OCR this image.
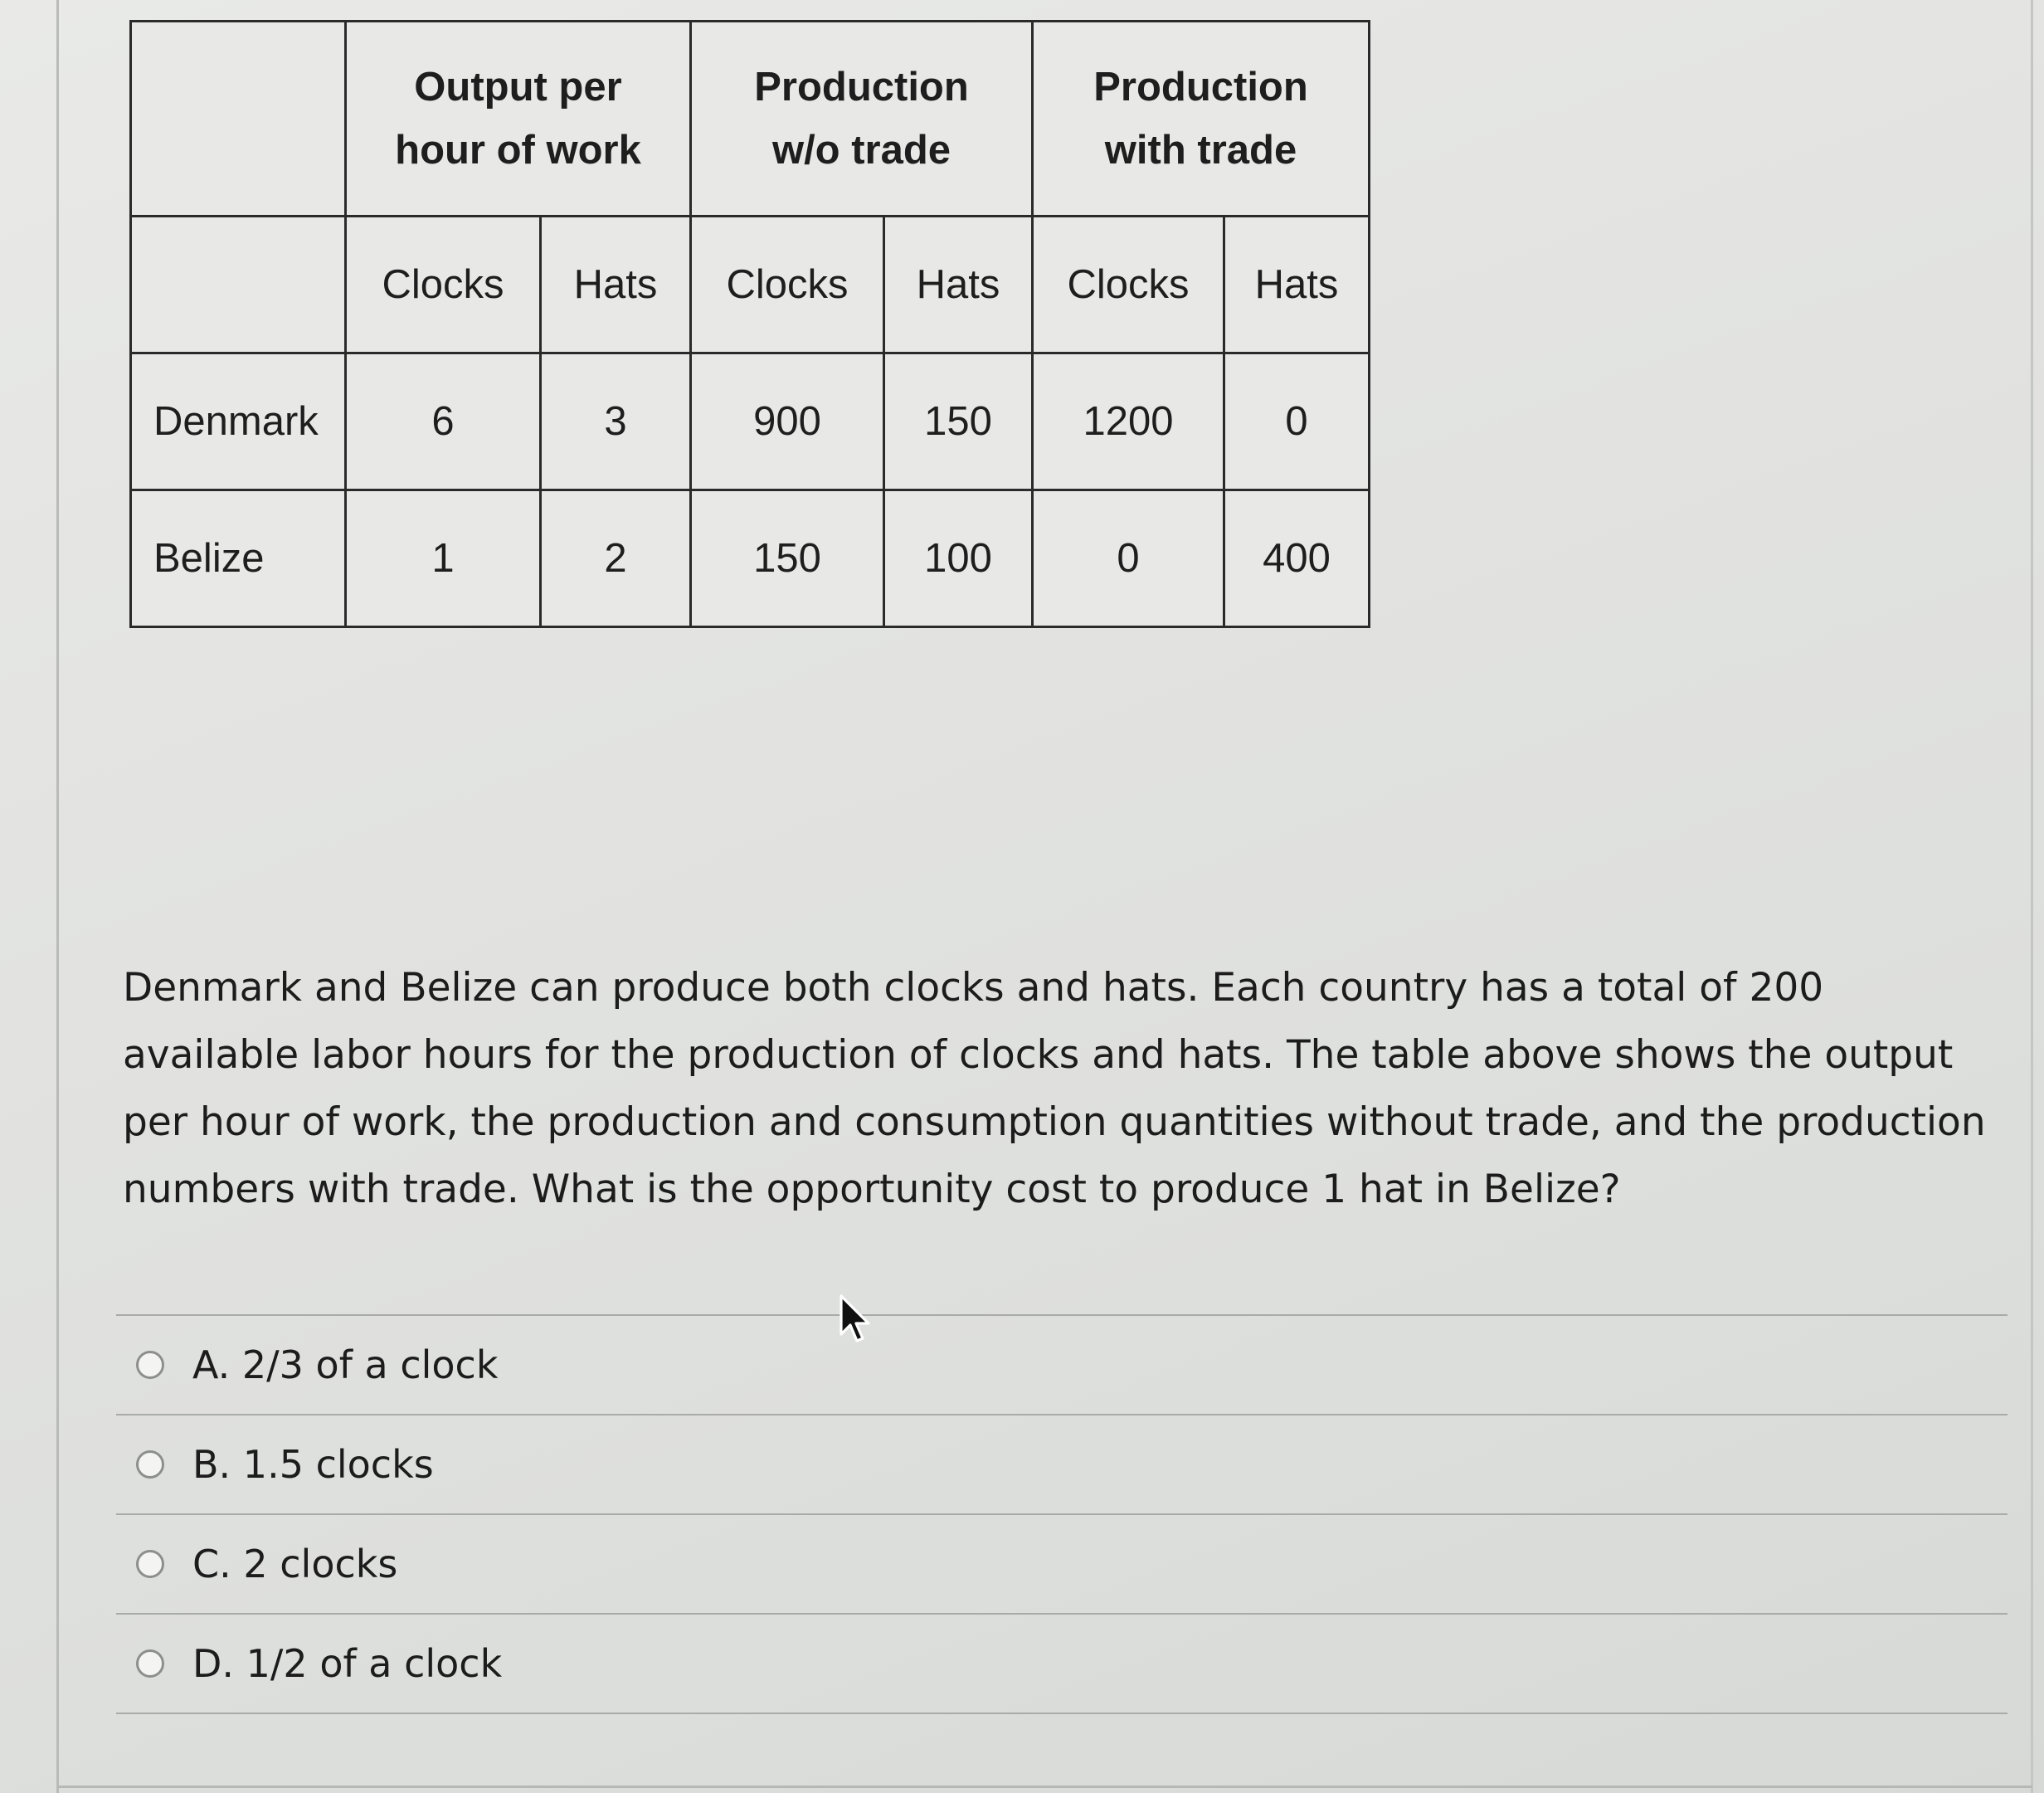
	Output per
hour of work		Production
w/o trade		Production
with trade	

	Clocks	Hats	Clocks	Hats	Clocks	Hats
Denmark	6	3	900	150	1200	0
Belize	1	2	150	100	0	400

Denmark and Belize can produce both clocks and hats. Each country has a total of 200 available labor hours for the production of clocks and hats. The table above shows the output per hour of work, the production and consumption quantities without trade, and the production numbers with trade. What is the opportunity cost to produce 1 hat in Belize?

A. 2/3 of a clock
B. 1.5 clocks
C. 2 clocks
D. 1/2 of a clock
